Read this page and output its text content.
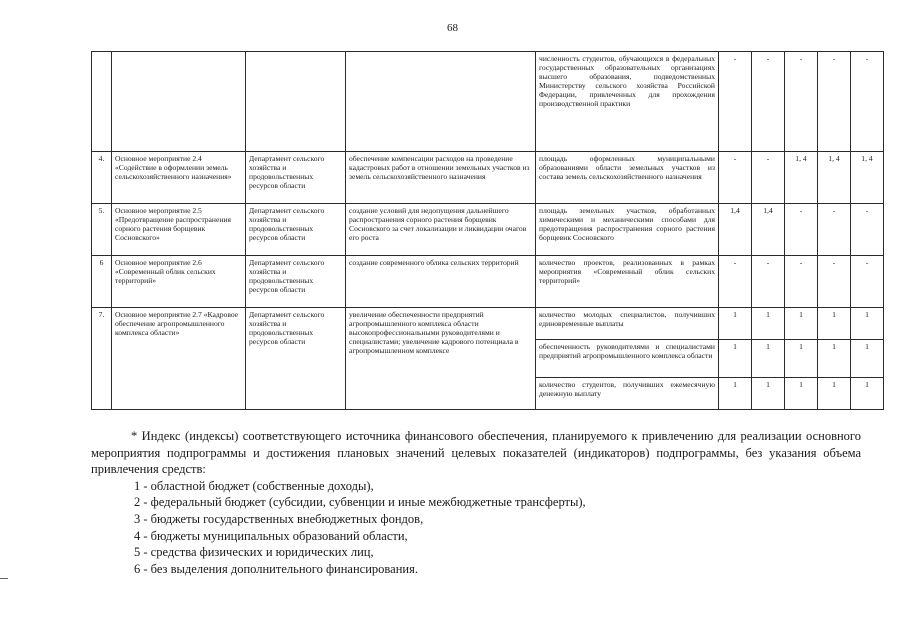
68
				численность студентов, обучающихся в федеральных государственных образовательных организациях высшего образования, подведомственных Министерству сельского хозяйства Российской Федерации, привлеченных для прохождения производственной практики	-	-	-	-	-
4.	Основное мероприятие 2.4 «Содействие в оформлении земель сельскохозяйственного назначения»	Департамент сельского хозяйства и продовольственных ресурсов области	обеспечение компенсации расходов на проведение кадастровых работ в отношении земельных участков из земель сельскохозяйственного назначения	площадь оформленных муниципальными образованиями области земельных участков из состава земель сельскохозяйственного назначения	-	-	1, 4	1, 4	1, 4
5.	Основное мероприятие 2.5 «Предотвращение распространения сорного растения борщевик Сосновского»	Департамент сельского хозяйства и продовольственных ресурсов области	создание условий для недопущения дальнейшего распространения сорного растения борщевик Сосновского за счет локализации и ликвидации очагов его роста	площадь земельных участков, обработанных химическими и механическими способами для предотвращения распространения сорного растения борщевик Сосновского	1,4	1,4	-	-	-
6	Основное мероприятие 2.6 «Современный облик сельских территорий»	Департамент сельского хозяйства и продовольственных ресурсов области	создание современного облика сельских территорий	количество проектов, реализованных в рамках мероприятия «Современный облик сельских территорий»	-	-	-	-	-
7.	Основное мероприятие 2.7 «Кадровое обеспечение агропромышленного комплекса области»	Департамент сельского хозяйства и продовольственных ресурсов области	увеличение обеспеченности предприятий агропромышленного комплекса области высокопрофессиональными руководителями и специалистами; увеличение кадрового потенциала в агропромышленном комплексе	количество молодых специалистов, получивших единовременные выплаты	1	1	1	1	1
				обеспеченность руководителями и специалистами предприятий агропромышленного комплекса области	1	1	1	1	1
				количество студентов, получивших ежемесячную денежную выплату	1	1	1	1	1

* Индекс (индексы) соответствующего источника финансового обеспечения, планируемого к привлечению для реализации основного мероприятия подпрограммы и достижения плановых значений целевых показателей (индикаторов) подпрограммы, без указания объема привлечения средств:

1 - областной бюджет (собственные доходы),

2 - федеральный бюджет (субсидии, субвенции и иные межбюджетные трансферты),

3 - бюджеты государственных внебюджетных фондов,

4 - бюджеты муниципальных образований области,

5 - средства физических и юридических лиц,

6 - без выделения дополнительного финансирования.
